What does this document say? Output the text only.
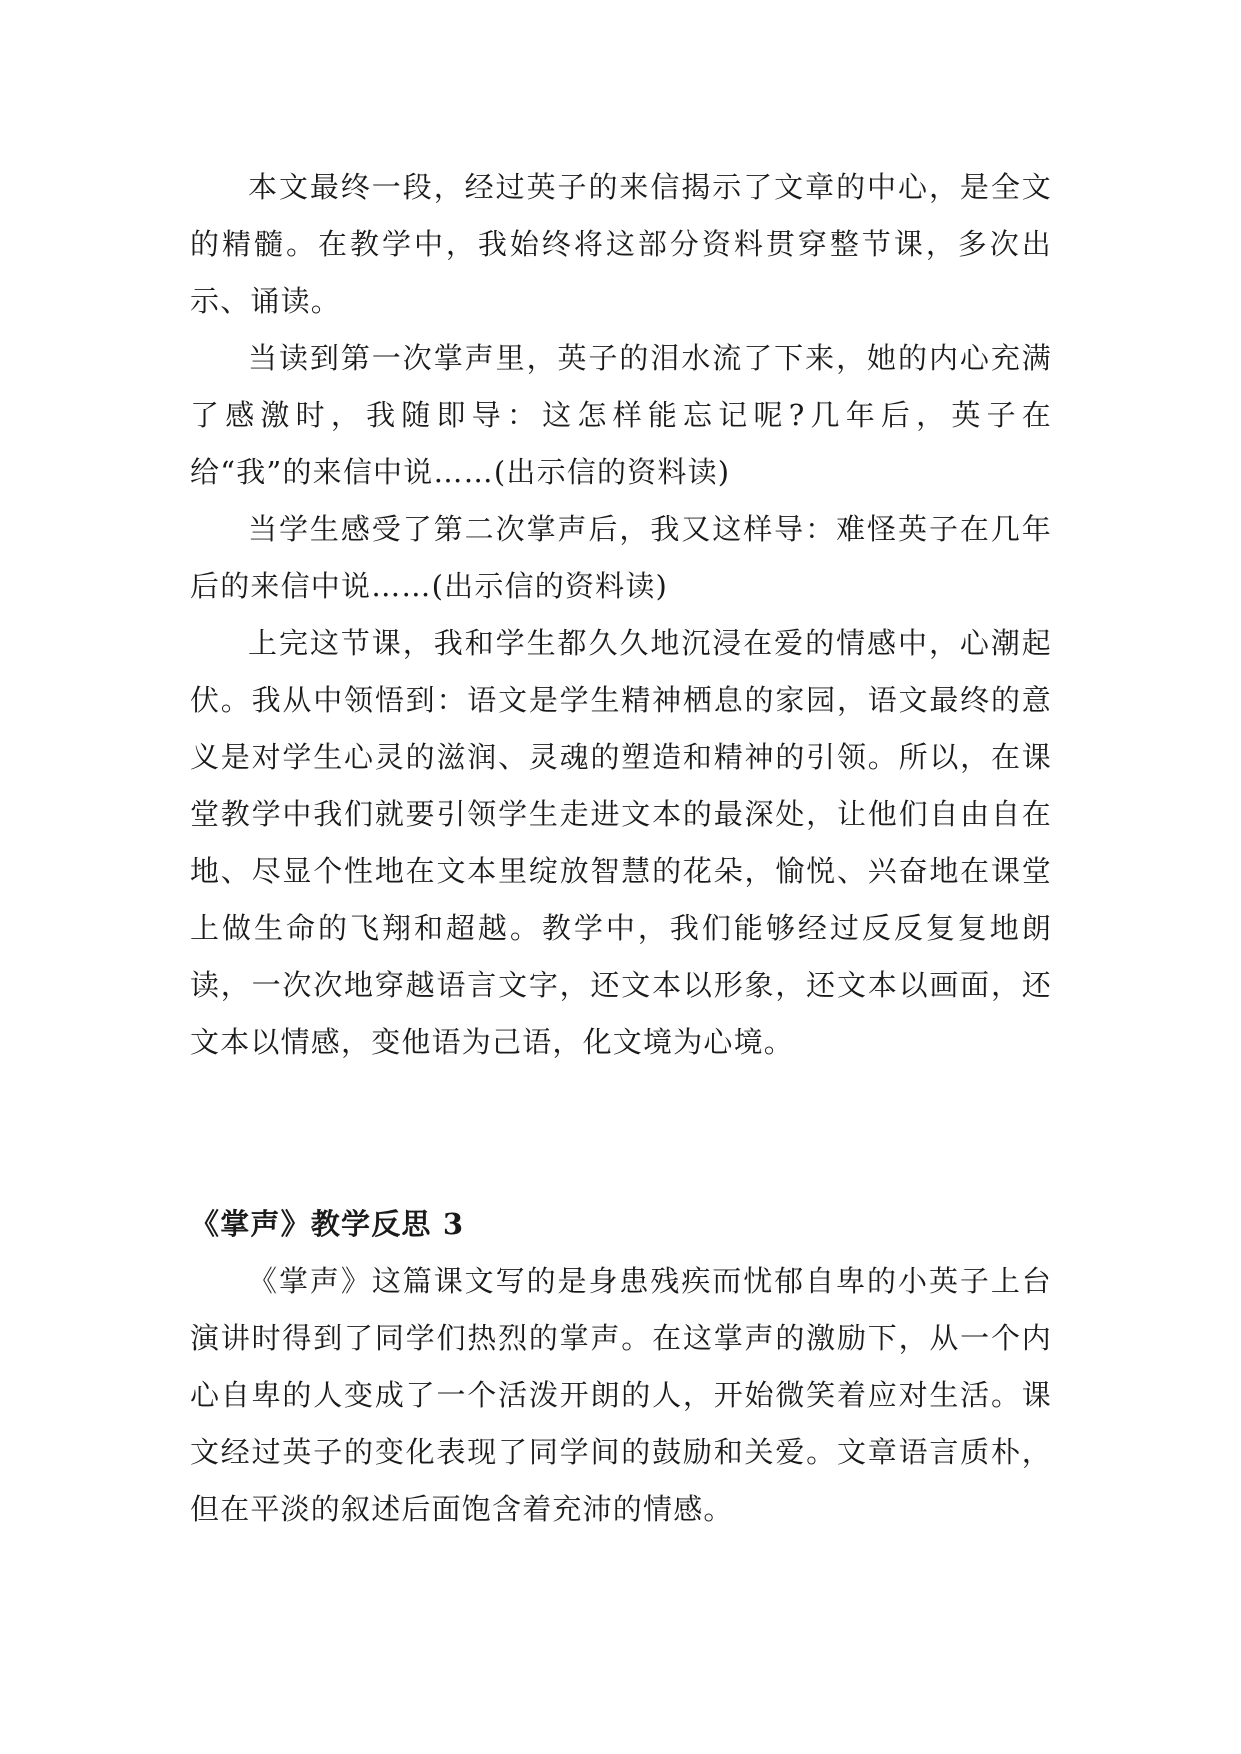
本文最终一段，经过英子的来信揭示了文章的中心，是全文的精髓。在教学中，我始终将这部分资料贯穿整节课，多次出示、诵读。

当读到第一次掌声里，英子的泪水流了下来，她的内心充满了感激时，我随即导：这怎样能忘记呢?几年后，英子在给“我”的来信中说……(出示信的资料读)

当学生感受了第二次掌声后，我又这样导：难怪英子在几年后的来信中说……(出示信的资料读)

上完这节课，我和学生都久久地沉浸在爱的情感中，心潮起伏。我从中领悟到：语文是学生精神栖息的家园，语文最终的意义是对学生心灵的滋润、灵魂的塑造和精神的引领。所以，在课堂教学中我们就要引领学生走进文本的最深处，让他们自由自在地、尽显个性地在文本里绽放智慧的花朵，愉悦、兴奋地在课堂上做生命的飞翔和超越。教学中，我们能够经过反反复复地朗读，一次次地穿越语言文字，还文本以形象，还文本以画面，还文本以情感，变他语为己语，化文境为心境。

《掌声》教学反思 3

《掌声》这篇课文写的是身患残疾而忧郁自卑的小英子上台演讲时得到了同学们热烈的掌声。在这掌声的激励下，从一个内心自卑的人变成了一个活泼开朗的人，开始微笑着应对生活。课文经过英子的变化表现了同学间的鼓励和关爱。文章语言质朴，但在平淡的叙述后面饱含着充沛的情感。
